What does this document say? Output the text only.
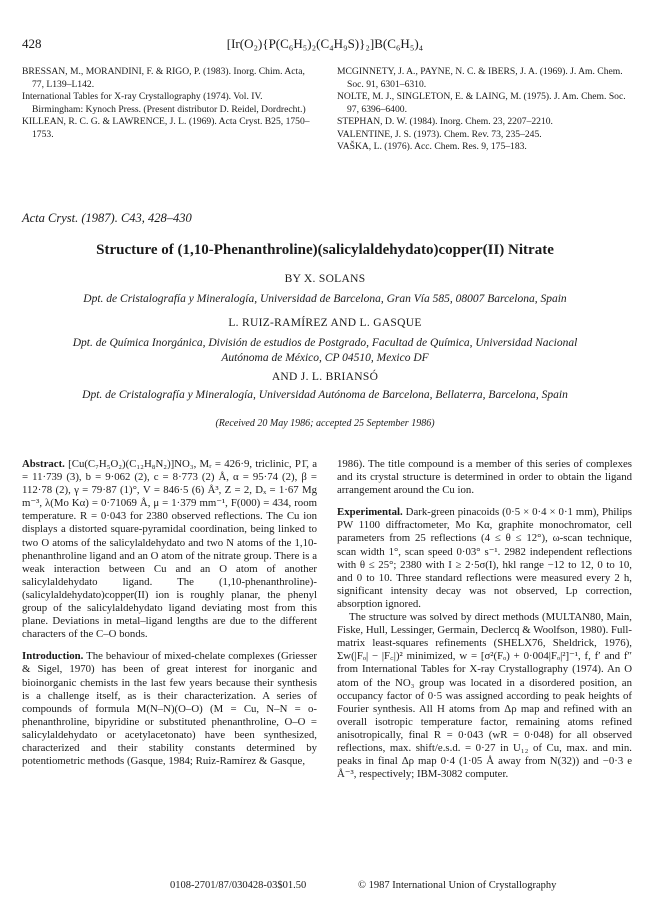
428	[Ir(O₂){P(C₆H₅)₂(C₄H₉S)}₂]B(C₆H₅)₄

BRESSAN, M., MORANDINI, F. & RIGO, P. (1983). Inorg. Chim. Acta, 77, L139–L142.

International Tables for X-ray Crystallography (1974). Vol. IV. Birmingham: Kynoch Press. (Present distributor D. Reidel, Dordrecht.)

KILLEAN, R. C. G. & LAWRENCE, J. L. (1969). Acta Cryst. B25, 1750–1753.

MCGINNETY, J. A., PAYNE, N. C. & IBERS, J. A. (1969). J. Am. Chem. Soc. 91, 6301–6310.

NOLTE, M. J., SINGLETON, E. & LAING, M. (1975). J. Am. Chem. Soc. 97, 6396–6400.

STEPHAN, D. W. (1984). Inorg. Chem. 23, 2207–2210.

VALENTINE, J. S. (1973). Chem. Rev. 73, 235–245.

VAŠKA, L. (1976). Acc. Chem. Res. 9, 175–183.

Acta Cryst. (1987). C43, 428–430
Structure of (1,10-Phenanthroline)(salicylaldehydato)copper(II) Nitrate
BY X. SOLANS
Dpt. de Cristalografía y Mineralogía, Universidad de Barcelona, Gran Vía 585, 08007 Barcelona, Spain
L. RUIZ-RAMÍREZ AND L. GASQUE
Dpt. de Química Inorgánica, División de estudios de Postgrado, Facultad de Química, Universidad Nacional
Autónoma de México, CP 04510, Mexico DF
AND J. L. BRIANSÓ
Dpt. de Cristalografía y Mineralogía, Universidad Autónoma de Barcelona, Bellaterra, Barcelona, Spain
(Received 20 May 1986; accepted 25 September 1986)

Abstract. [Cu(C₇H₅O₂)(C₁₂H₈N₂)]NO₃, Mᵣ = 426·9, triclinic, P1̄, a = 11·739 (3), b = 9·062 (2), c = 8·773 (2) Å, α = 95·74 (2), β = 112·78 (2), γ = 79·87 (1)°, V = 846·5 (6) Å³, Z = 2, Dₓ = 1·67 Mg m⁻³, λ(Mo Kα) = 0·71069 Å, μ = 1·379 mm⁻¹, F(000) = 434, room temperature. R = 0·043 for 2380 observed reflections. The Cu ion displays a distorted square-pyramidal coordination, being linked to two O atoms of the salicylaldehydato and two N atoms of the 1,10-phenanthroline ligand and an O atom of the nitrate group. There is a weak interaction between Cu and an O atom of another salicylaldehydato ligand. The (1,10-phenanthroline)-(salicylaldehydato)copper(II) ion is roughly planar, the phenyl group of the salicylaldehydato ligand deviating most from this plane. Deviations in metal–ligand lengths are due to the different characters of the C–O bonds.

Introduction. The behaviour of mixed-chelate complexes (Griesser & Sigel, 1970) has been of great interest for inorganic and bioinorganic chemists in the last few years because their synthesis is a challenge itself, as is their characterization. A series of compounds of formula M(N–N)(O–O) (M = Cu, N–N = o-phenanthroline, bipyridine or substituted phenanthroline, O–O = salicylaldehydato or acetylacetonato) have been synthesized, characterized and their stability constants determined by potentiometric methods (Gasque, 1984; Ruiz-Ramírez & Gasque,

1986). The title compound is a member of this series of complexes and its crystal structure is determined in order to obtain the ligand arrangement around the Cu ion.

Experimental. Dark-green pinacoids (0·5 × 0·4 × 0·1 mm), Philips PW 1100 diffractometer, Mo Kα, graphite monochromator, cell parameters from 25 reflections (4 ≤ θ ≤ 12°), ω-scan technique, scan width 1°, scan speed 0·03° s⁻¹. 2982 independent reflections with θ ≤ 25°; 2380 with I ≥ 2·5σ(I), hkl range −12 to 12, 0 to 10, and 0 to 10. Three standard reflections were measured every 2 h, significant intensity decay was not observed, Lp correction, absorption ignored.

The structure was solved by direct methods (MULTAN80, Main, Fiske, Hull, Lessinger, Germain, Declercq & Woolfson, 1980). Full-matrix least-squares refinements (SHELX76, Sheldrick, 1976), Σw(|Fₒ| − |F꜀|)² minimized, w = [σ²(Fₒ) + 0·004|Fₒ|²]⁻¹, f, f′ and f″ from International Tables for X-ray Crystallography (1974). An O atom of the NO₃ group was located in a disordered position, an occupancy factor of 0·5 was assigned according to peak heights of Fourier synthesis. All H atoms from Δρ map and refined with an overall isotropic temperature factor, remaining atoms refined anisotropically, final R = 0·043 (wR = 0·048) for all observed reflections, max. shift/e.s.d. = 0·27 in U₁₂ of Cu, max. and min. peaks in final Δρ map 0·4 (1·05 Å away from N(32)) and −0·3 e Å⁻³, respectively; IBM-3082 computer.

0108-2701/87/030428-03$01.50	© 1987 International Union of Crystallography
